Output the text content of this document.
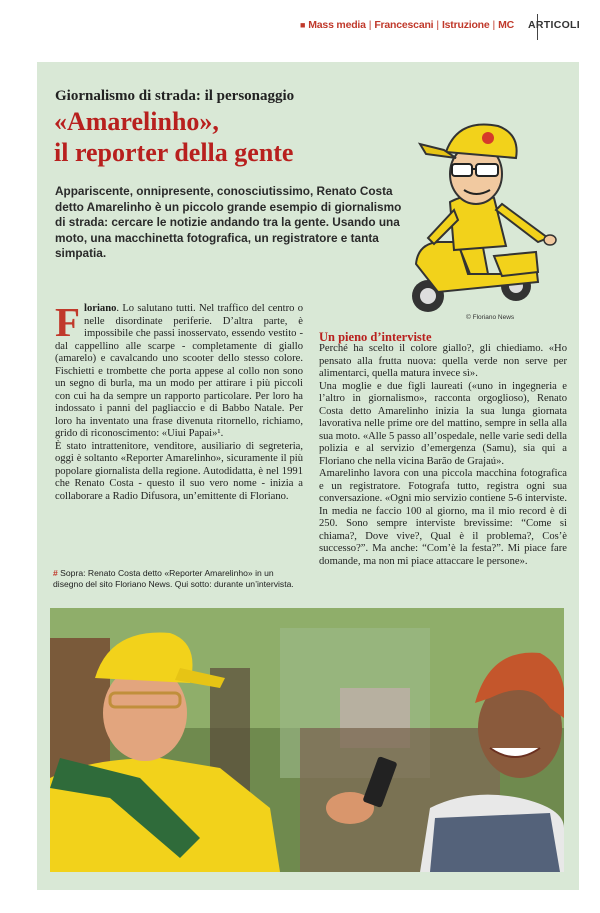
■ Mass media | Francescani | Istruzione | MC ARTICOLI
Giornalismo di strada: il personaggio
«Amarelinho»,
il reporter della gente
Appariscente, onnipresente, conosciutissimo, Renato Costa detto Amarelinho è un piccolo grande esempio di giornalismo di strada: cercare le notizie andando tra la gente. Usando una moto, una macchinetta fotografica, un registratore e tanta simpatia.
© Floriano News

Floriano. Lo salutano tutti. Nel traffico del centro o nelle disordinate periferie. D’altra parte, è impossibile che passi inosservato, essendo vestito - dal cappellino alle scarpe - completamente di giallo (amarelo) e cavalcando uno scooter dello stesso colore. Fischietti e trombette che porta appese al collo non sono un segno di burla, ma un modo per attirare i più piccoli con cui ha da sempre un rapporto particolare. Per loro ha indossato i panni del pagliaccio e di Babbo Natale. Per loro ha inventato una frase divenuta ritornello, richiamo, grido di riconoscimento: «Uiui Papai»¹.

È stato intrattenitore, venditore, ausiliario di segreteria, oggi è soltanto «Reporter Amarelinho», sicuramente il più popolare giornalista della regione. Autodidatta, è nel 1991 che Renato Costa - questo il suo vero nome - inizia a collaborare a Radio Difusora, un’emittente di Floriano.

# Sopra: Renato Costa detto «Reporter Amarelinho» in un disegno del sito Floriano News. Qui sotto: durante un’intervista.
Un pieno d’interviste

Perché ha scelto il colore giallo?, gli chiediamo. «Ho pensato alla frutta nuova: quella verde non serve per alimentarci, quella matura invece sì».

Una moglie e due figli laureati («uno in ingegneria e l’altro in giornalismo», racconta orgoglioso), Renato Costa detto Amarelinho inizia la sua lunga giornata lavorativa nelle prime ore del mattino, sempre in sella alla sua moto. «Alle 5 passo all’ospedale, nelle varie sedi della polizia e al servizio d’emergenza (Samu), sia qui a Floriano che nella vicina Barão de Grajaú».

Amarelinho lavora con una piccola macchina fotografica e un registratore. Fotografa tutto, registra ogni sua conversazione. «Ogni mio servizio contiene 5-6 interviste. In media ne faccio 100 al giorno, ma il mio record è di 250. Sono sempre interviste brevissime: “Come si chiama?, Dove vive?, Qual è il problema?, Cos’è successo?”. Ma anche: “Com’è la festa?”. Mi piace fare domande, ma non mi piace attaccare le persone».
